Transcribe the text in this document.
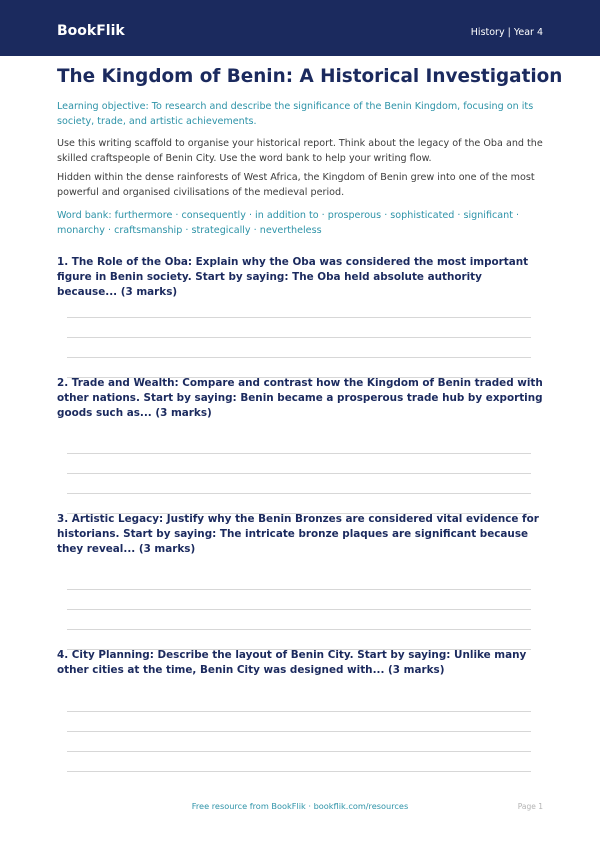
BookFlik	History | Year 4
The Kingdom of Benin: A Historical Investigation

Learning objective: To research and describe the significance of the Benin Kingdom, focusing on its society, trade, and artistic achievements.

Use this writing scaffold to organise your historical report. Think about the legacy of the Oba and the skilled craftspeople of Benin City. Use the word bank to help your writing flow.

Hidden within the dense rainforests of West Africa, the Kingdom of Benin grew into one of the most powerful and organised civilisations of the medieval period.

Word bank: furthermore · consequently · in addition to · prosperous · sophisticated · significant · monarchy · craftsmanship · strategically · nevertheless

1. The Role of the Oba: Explain why the Oba was considered the most important figure in Benin society. Start by saying: The Oba held absolute authority because... (3 marks)

2. Trade and Wealth: Compare and contrast how the Kingdom of Benin traded with other nations. Start by saying: Benin became a prosperous trade hub by exporting goods such as... (3 marks)

3. Artistic Legacy: Justify why the Benin Bronzes are considered vital evidence for historians. Start by saying: The intricate bronze plaques are significant because they reveal... (3 marks)

4. City Planning: Describe the layout of Benin City. Start by saying: Unlike many other cities at the time, Benin City was designed with... (3 marks)

Free resource from BookFlik · bookflik.com/resources	Page 1
